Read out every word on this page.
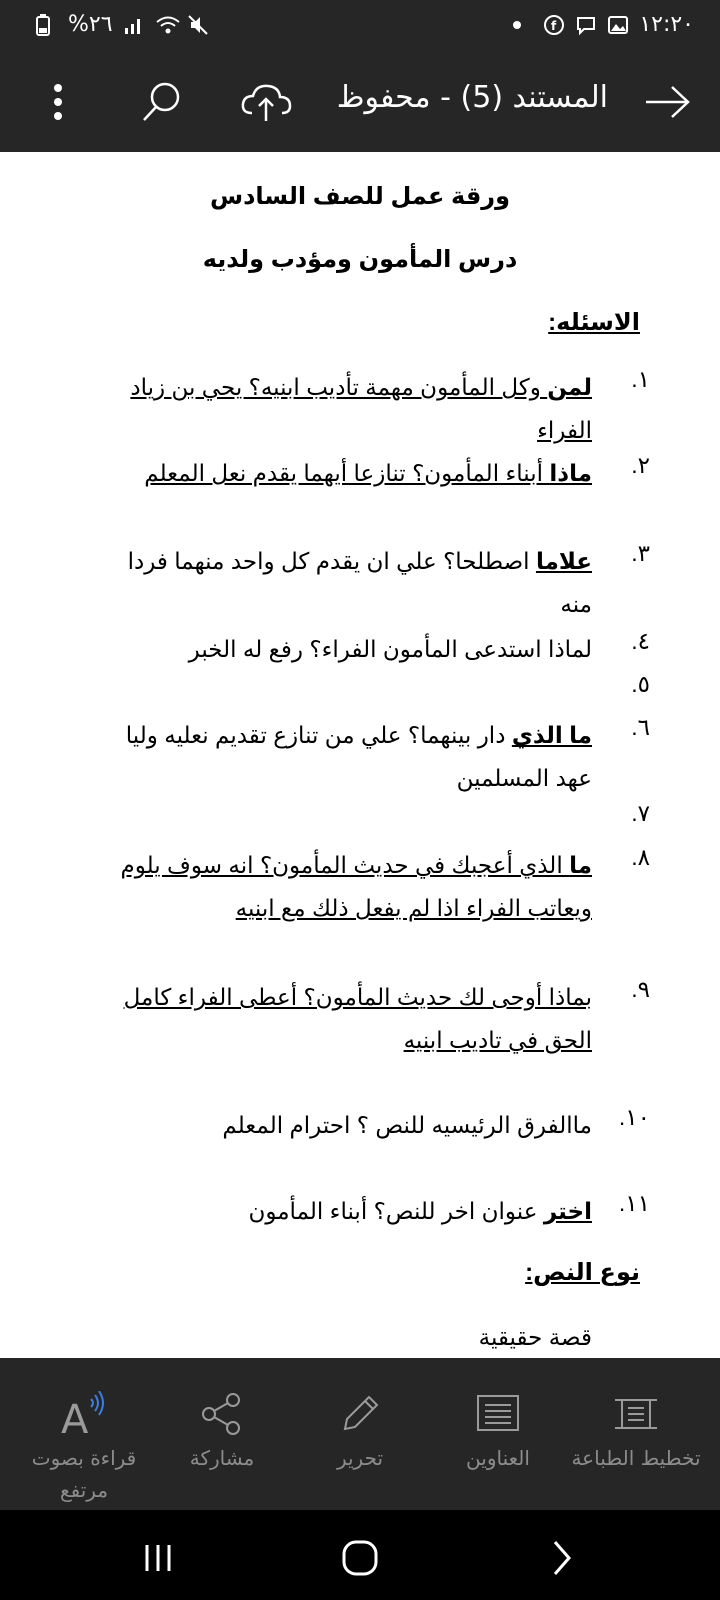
%٢٦	f	١٢:٢٠
المستند (5) - محفوظ
ورقة عمل للصف السادس
درس المأمون ومؤدب ولديه
الاسئله:
١.
لمن وكل المأمون مهمة تأديب ابنيه؟ يحي بن زياد الفراء
٢.
ماذا أبناء المأمون؟ تنازعا أيهما يقدم نعل المعلم
٣.
علاما اصطلحا؟ علي ان يقدم كل واحد منهما فردا منه
٤.
لماذا استدعى المأمون الفراء؟ رفع له الخبر
٥.
٦.
ما الذي دار بينهما؟ علي من تنازع تقديم نعليه وليا عهد المسلمين
٧.
٨.
ما الذي أعجبك في حديث المأمون؟ انه سوف يلوم ويعاتب الفراء اذا لم يفعل ذلك مع ابنيه
٩.
بماذا أوحى لك حديث المأمون؟ أعطى الفراء كامل الحق في تاديب ابنيه
١٠.
ماالفرق الرئيسيه للنص ؟ احترام المعلم
١١.
اختر عنوان اخر للنص؟ أبناء المأمون
نوع النص:
قصة حقيقية
تخطيط الطباعة
العناوين
تحرير
مشاركة
A
قراءة بصوت مرتفع
